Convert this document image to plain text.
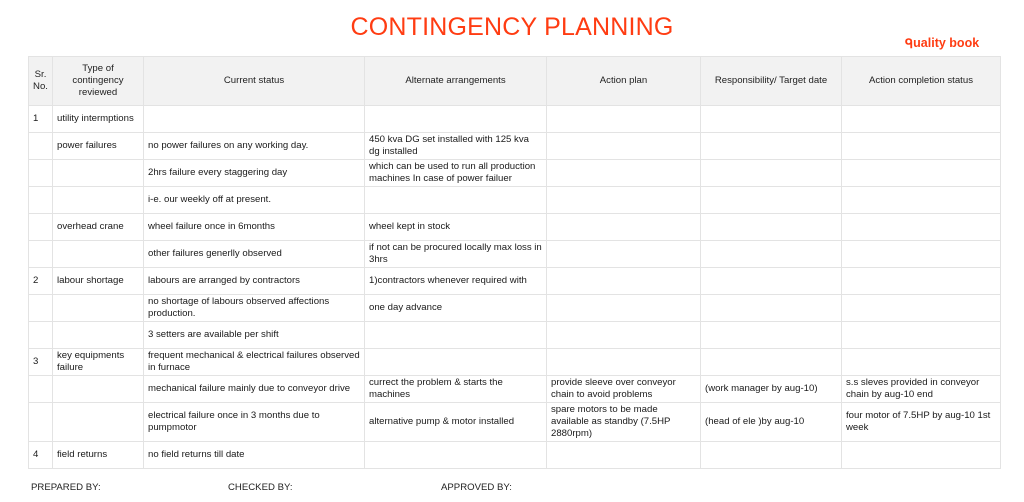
CONTINGENCY PLANNING
ᑫuality book
Sr. No.	Type of contingency reviewed	Current status	Alternate arrangements	Action plan	Responsibility/ Target date	Action completion status
1	utility intermptions					
	power failures	no power failures on any working day.	450 kva DG set installed with 125 kva dg installed			
		2hrs failure every staggering day	which can be used to run all production machines In case of power failuer			
		i-e. our weekly off at present.				
	overhead crane	wheel failure once in 6months	wheel kept in stock			
		other failures generlly observed	if not can be procured locally max loss in 3hrs			
2	labour shortage	labours are arranged by contractors	1)contractors whenever required with			
		no shortage of labours observed affections production.	one day advance			
		3 setters are available per shift				
3	key equipments failure	frequent mechanical & electrical failures observed in furnace				
		mechanical failure mainly due to conveyor drive	currect the problem & starts the machines	provide sleeve over conveyor chain to avoid problems	(work manager by aug-10)	s.s sleves provided in conveyor chain by aug-10 end
		electrical failure once in 3 months due to pumpmotor	alternative pump & motor installed	spare motors to be made available as standby (7.5HP 2880rpm)	(head of ele )by aug-10	four motor of 7.5HP by aug-10 1st week
4	field returns	no field returns till date				
PREPARED BY:	CHECKED BY:	APPROVED BY:
